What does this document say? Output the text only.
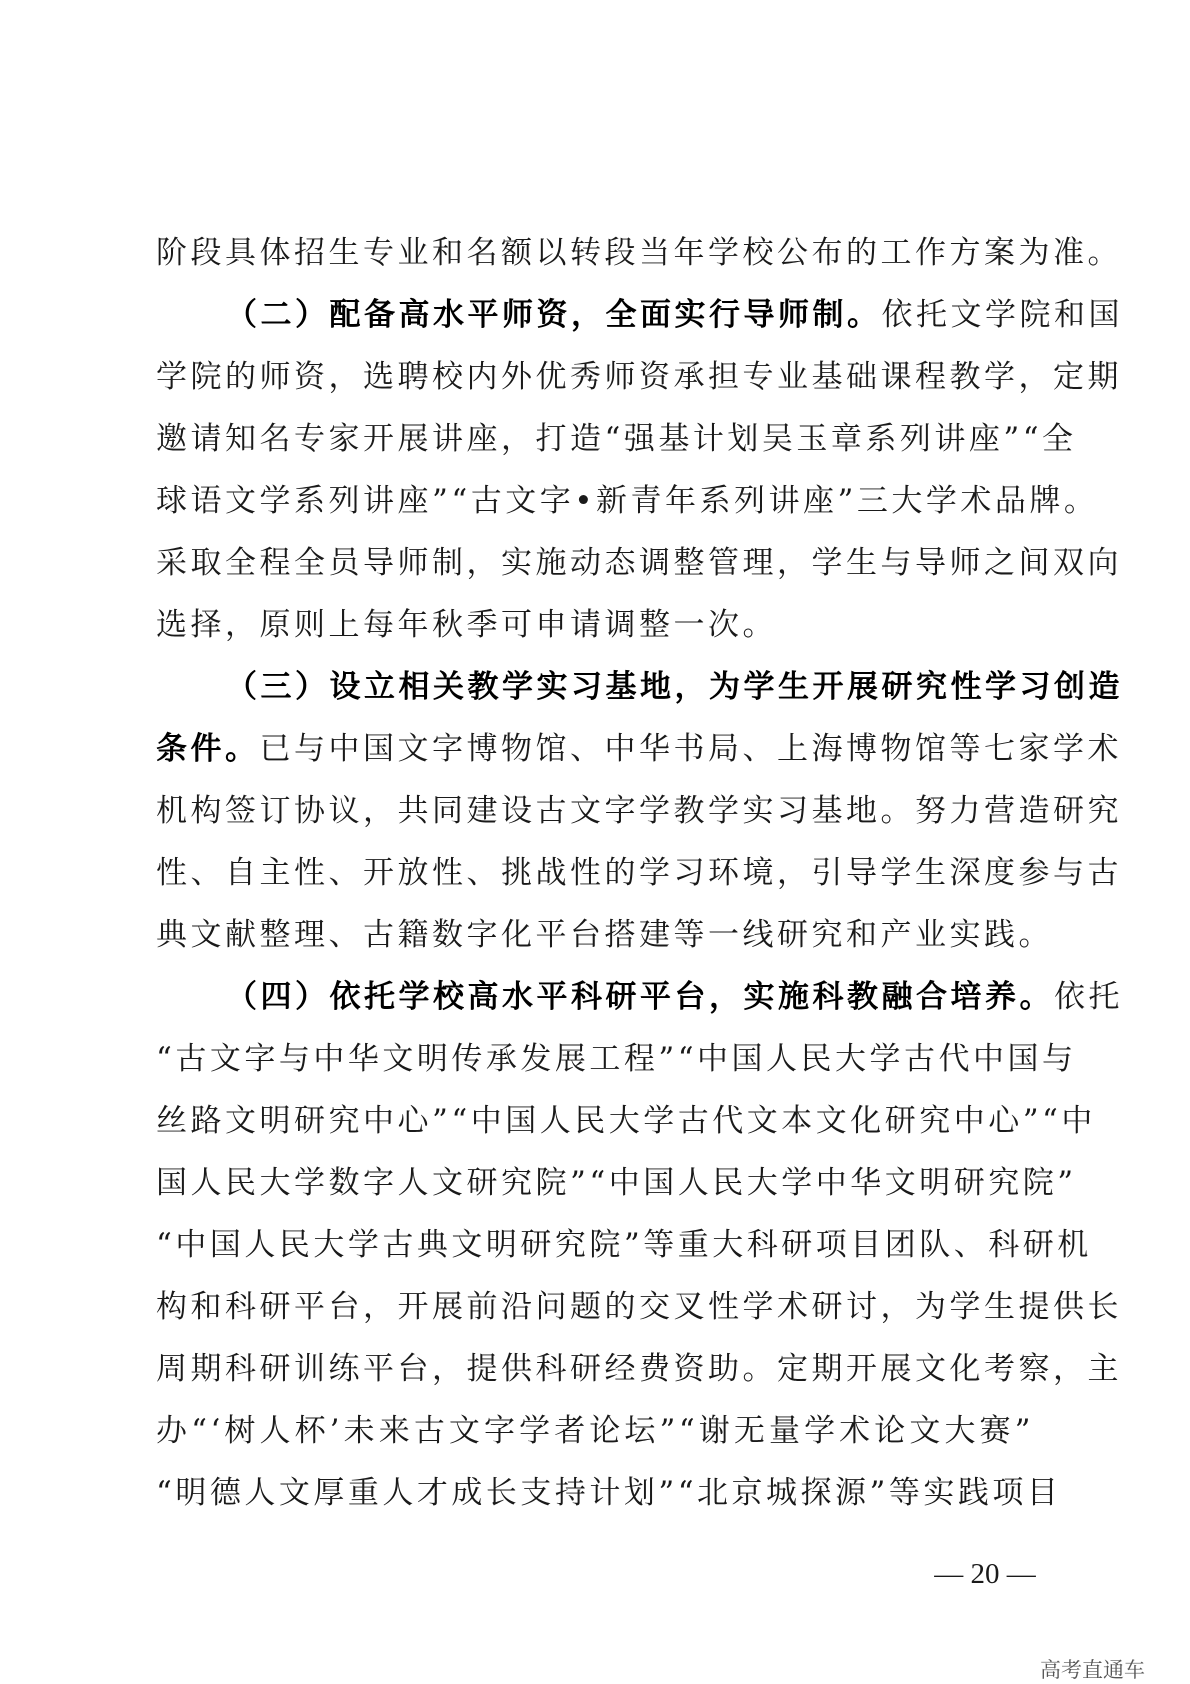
阶段具体招生专业和名额以转段当年学校公布的工作方案为准。
（二）配备高水平师资，全面实行导师制。依托文学院和国
学院的师资，选聘校内外优秀师资承担专业基础课程教学，定期
邀请知名专家开展讲座，打造“强基计划吴玉章系列讲座”“全
球语文学系列讲座”“古文字•新青年系列讲座”三大学术品牌。
采取全程全员导师制，实施动态调整管理，学生与导师之间双向
选择，原则上每年秋季可申请调整一次。
（三）设立相关教学实习基地，为学生开展研究性学习创造
条件。已与中国文字博物馆、中华书局、上海博物馆等七家学术
机构签订协议，共同建设古文字学教学实习基地。努力营造研究
性、自主性、开放性、挑战性的学习环境，引导学生深度参与古
典文献整理、古籍数字化平台搭建等一线研究和产业实践。
（四）依托学校高水平科研平台，实施科教融合培养。依托
“古文字与中华文明传承发展工程”“中国人民大学古代中国与
丝路文明研究中心”“中国人民大学古代文本文化研究中心”“中
国人民大学数字人文研究院”“中国人民大学中华文明研究院”
“中国人民大学古典文明研究院”等重大科研项目团队、科研机
构和科研平台，开展前沿问题的交叉性学术研讨，为学生提供长
周期科研训练平台，提供科研经费资助。定期开展文化考察，主
办“‘树人杯’未来古文字学者论坛”“谢无量学术论文大赛”
“明德人文厚重人才成长支持计划”“北京城探源”等实践项目
— 20 —
高考直通车
